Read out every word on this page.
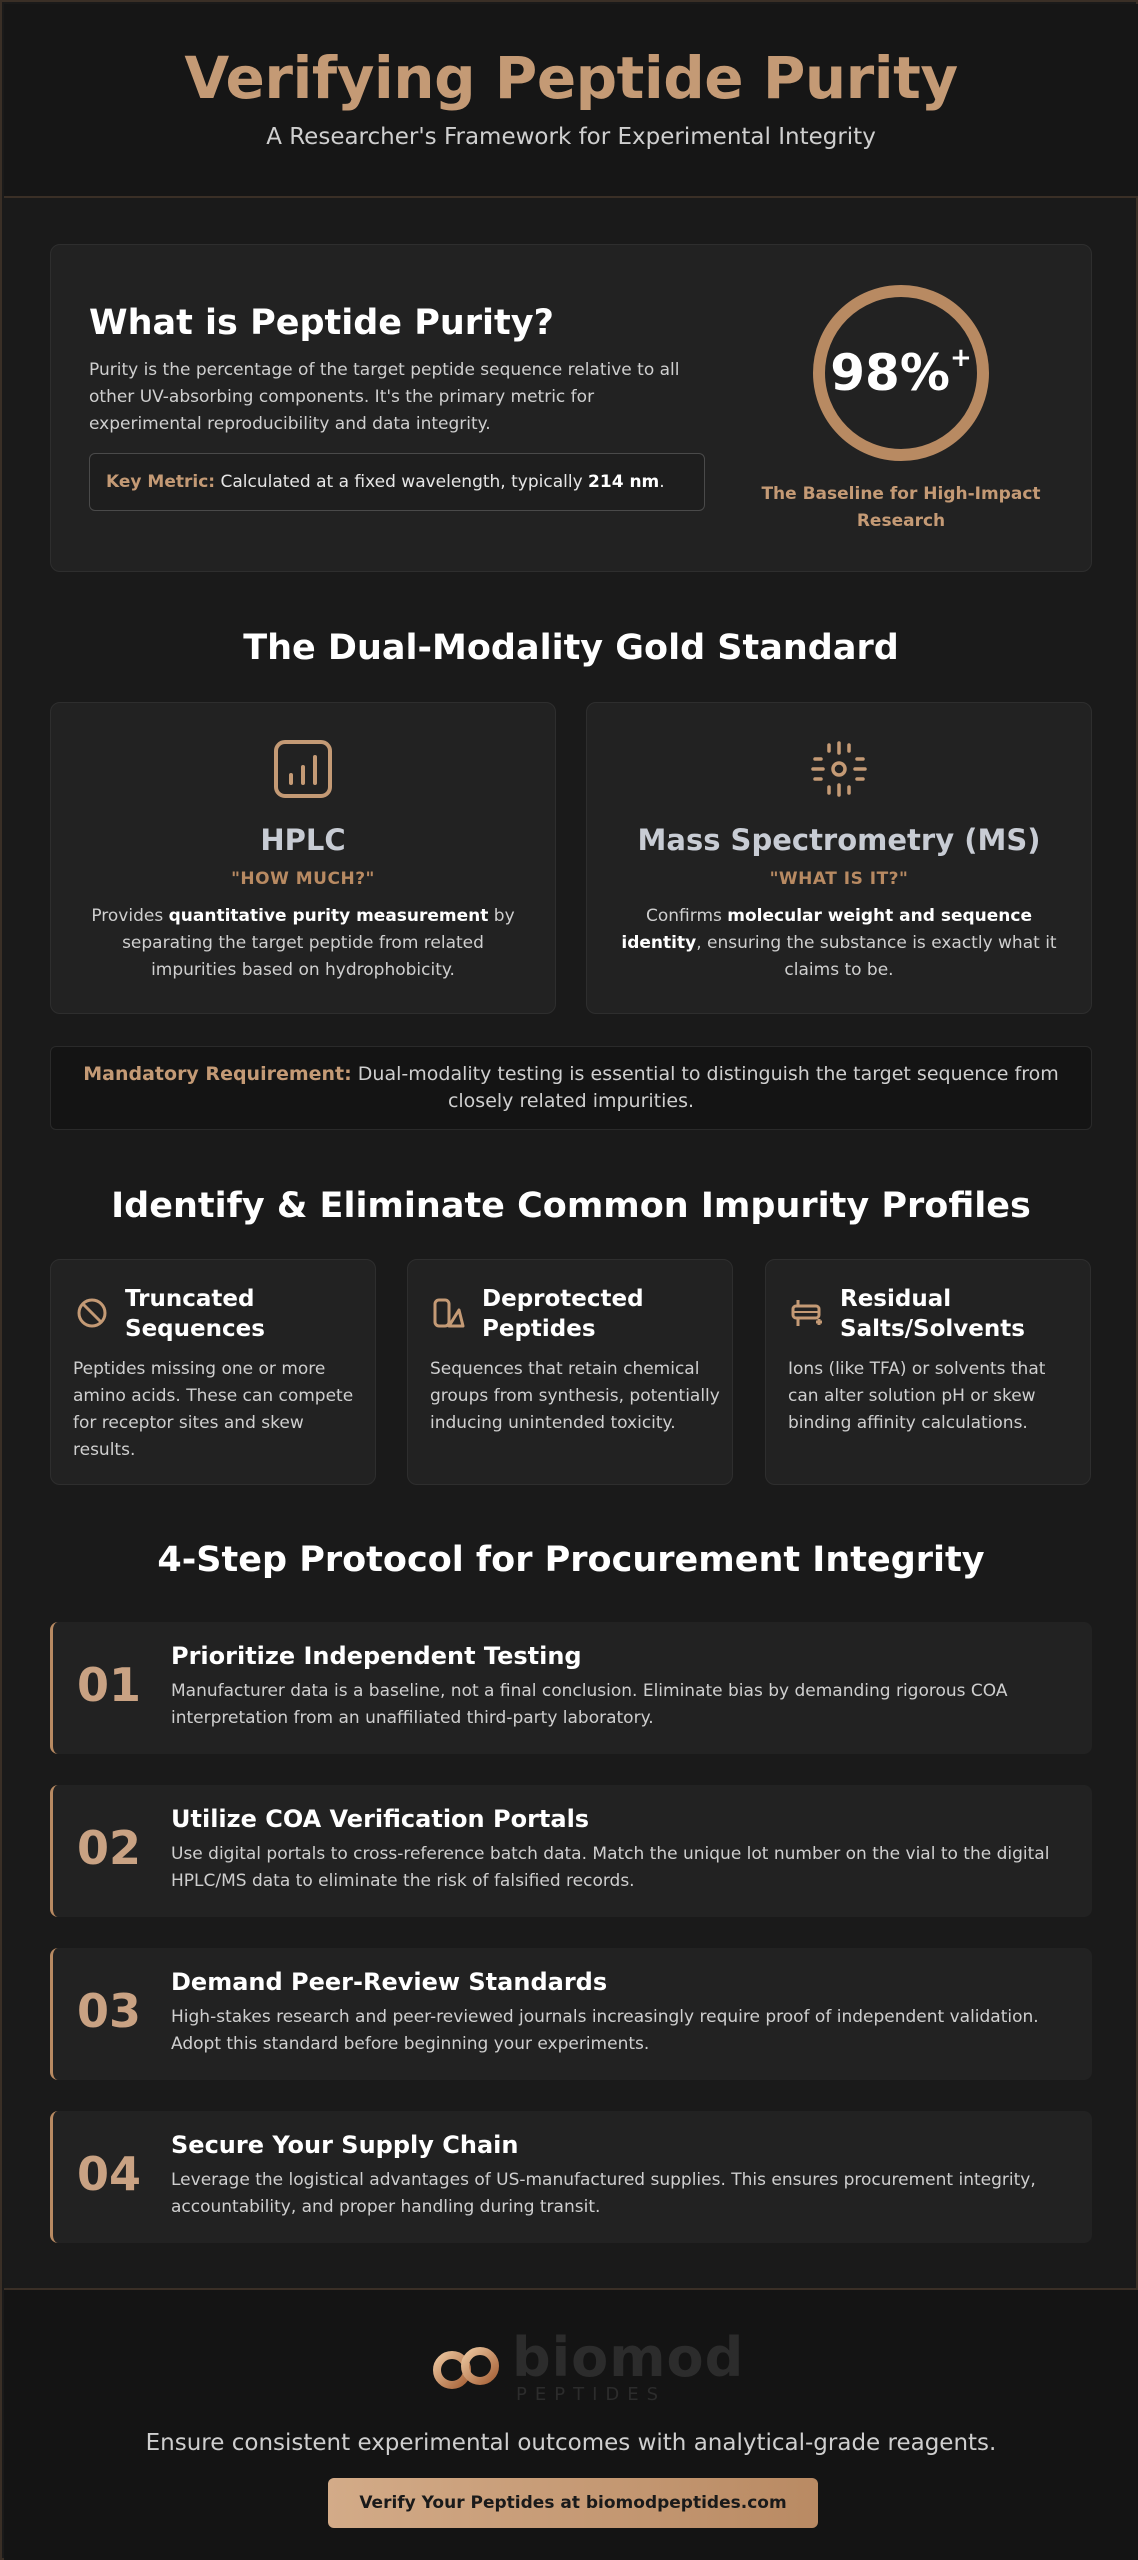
Verifying Peptide Purity
A Researcher's Framework for Experimental Integrity
What is Peptide Purity?
Purity is the percentage of the target peptide sequence relative to all other UV-absorbing components. It's the primary metric for experimental reproducibility and data integrity.
Key Metric: Calculated at a fixed wavelength, typically 214 nm.
98%+
The Baseline for High-Impact Research
The Dual-Modality Gold Standard
HPLC
"HOW MUCH?"
Provides quantitative purity measurement by separating the target peptide from related impurities based on hydrophobicity.
Mass Spectrometry (MS)
"WHAT IS IT?"
Confirms molecular weight and sequence identity, ensuring the substance is exactly what it claims to be.
Mandatory Requirement: Dual-modality testing is essential to distinguish the target sequence from closely related impurities.
Identify & Eliminate Common Impurity Profiles
Truncated Sequences
Peptides missing one or more amino acids. These can compete for receptor sites and skew results.
Deprotected Peptides
Sequences that retain chemical groups from synthesis, potentially inducing unintended toxicity.
Residual Salts/Solvents
Ions (like TFA) or solvents that can alter solution pH or skew binding affinity calculations.
4-Step Protocol for Procurement Integrity
01
Prioritize Independent Testing
Manufacturer data is a baseline, not a final conclusion. Eliminate bias by demanding rigorous COA interpretation from an unaffiliated third-party laboratory.
02
Utilize COA Verification Portals
Use digital portals to cross-reference batch data. Match the unique lot number on the vial to the digital HPLC/MS data to eliminate the risk of falsified records.
03
Demand Peer-Review Standards
High-stakes research and peer-reviewed journals increasingly require proof of independent validation. Adopt this standard before beginning your experiments.
04
Secure Your Supply Chain
Leverage the logistical advantages of US-manufactured supplies. This ensures procurement integrity, accountability, and proper handling during transit.
biomod
PEPTIDES
Ensure consistent experimental outcomes with analytical-grade reagents.
Verify Your Peptides at biomodpeptides.com
